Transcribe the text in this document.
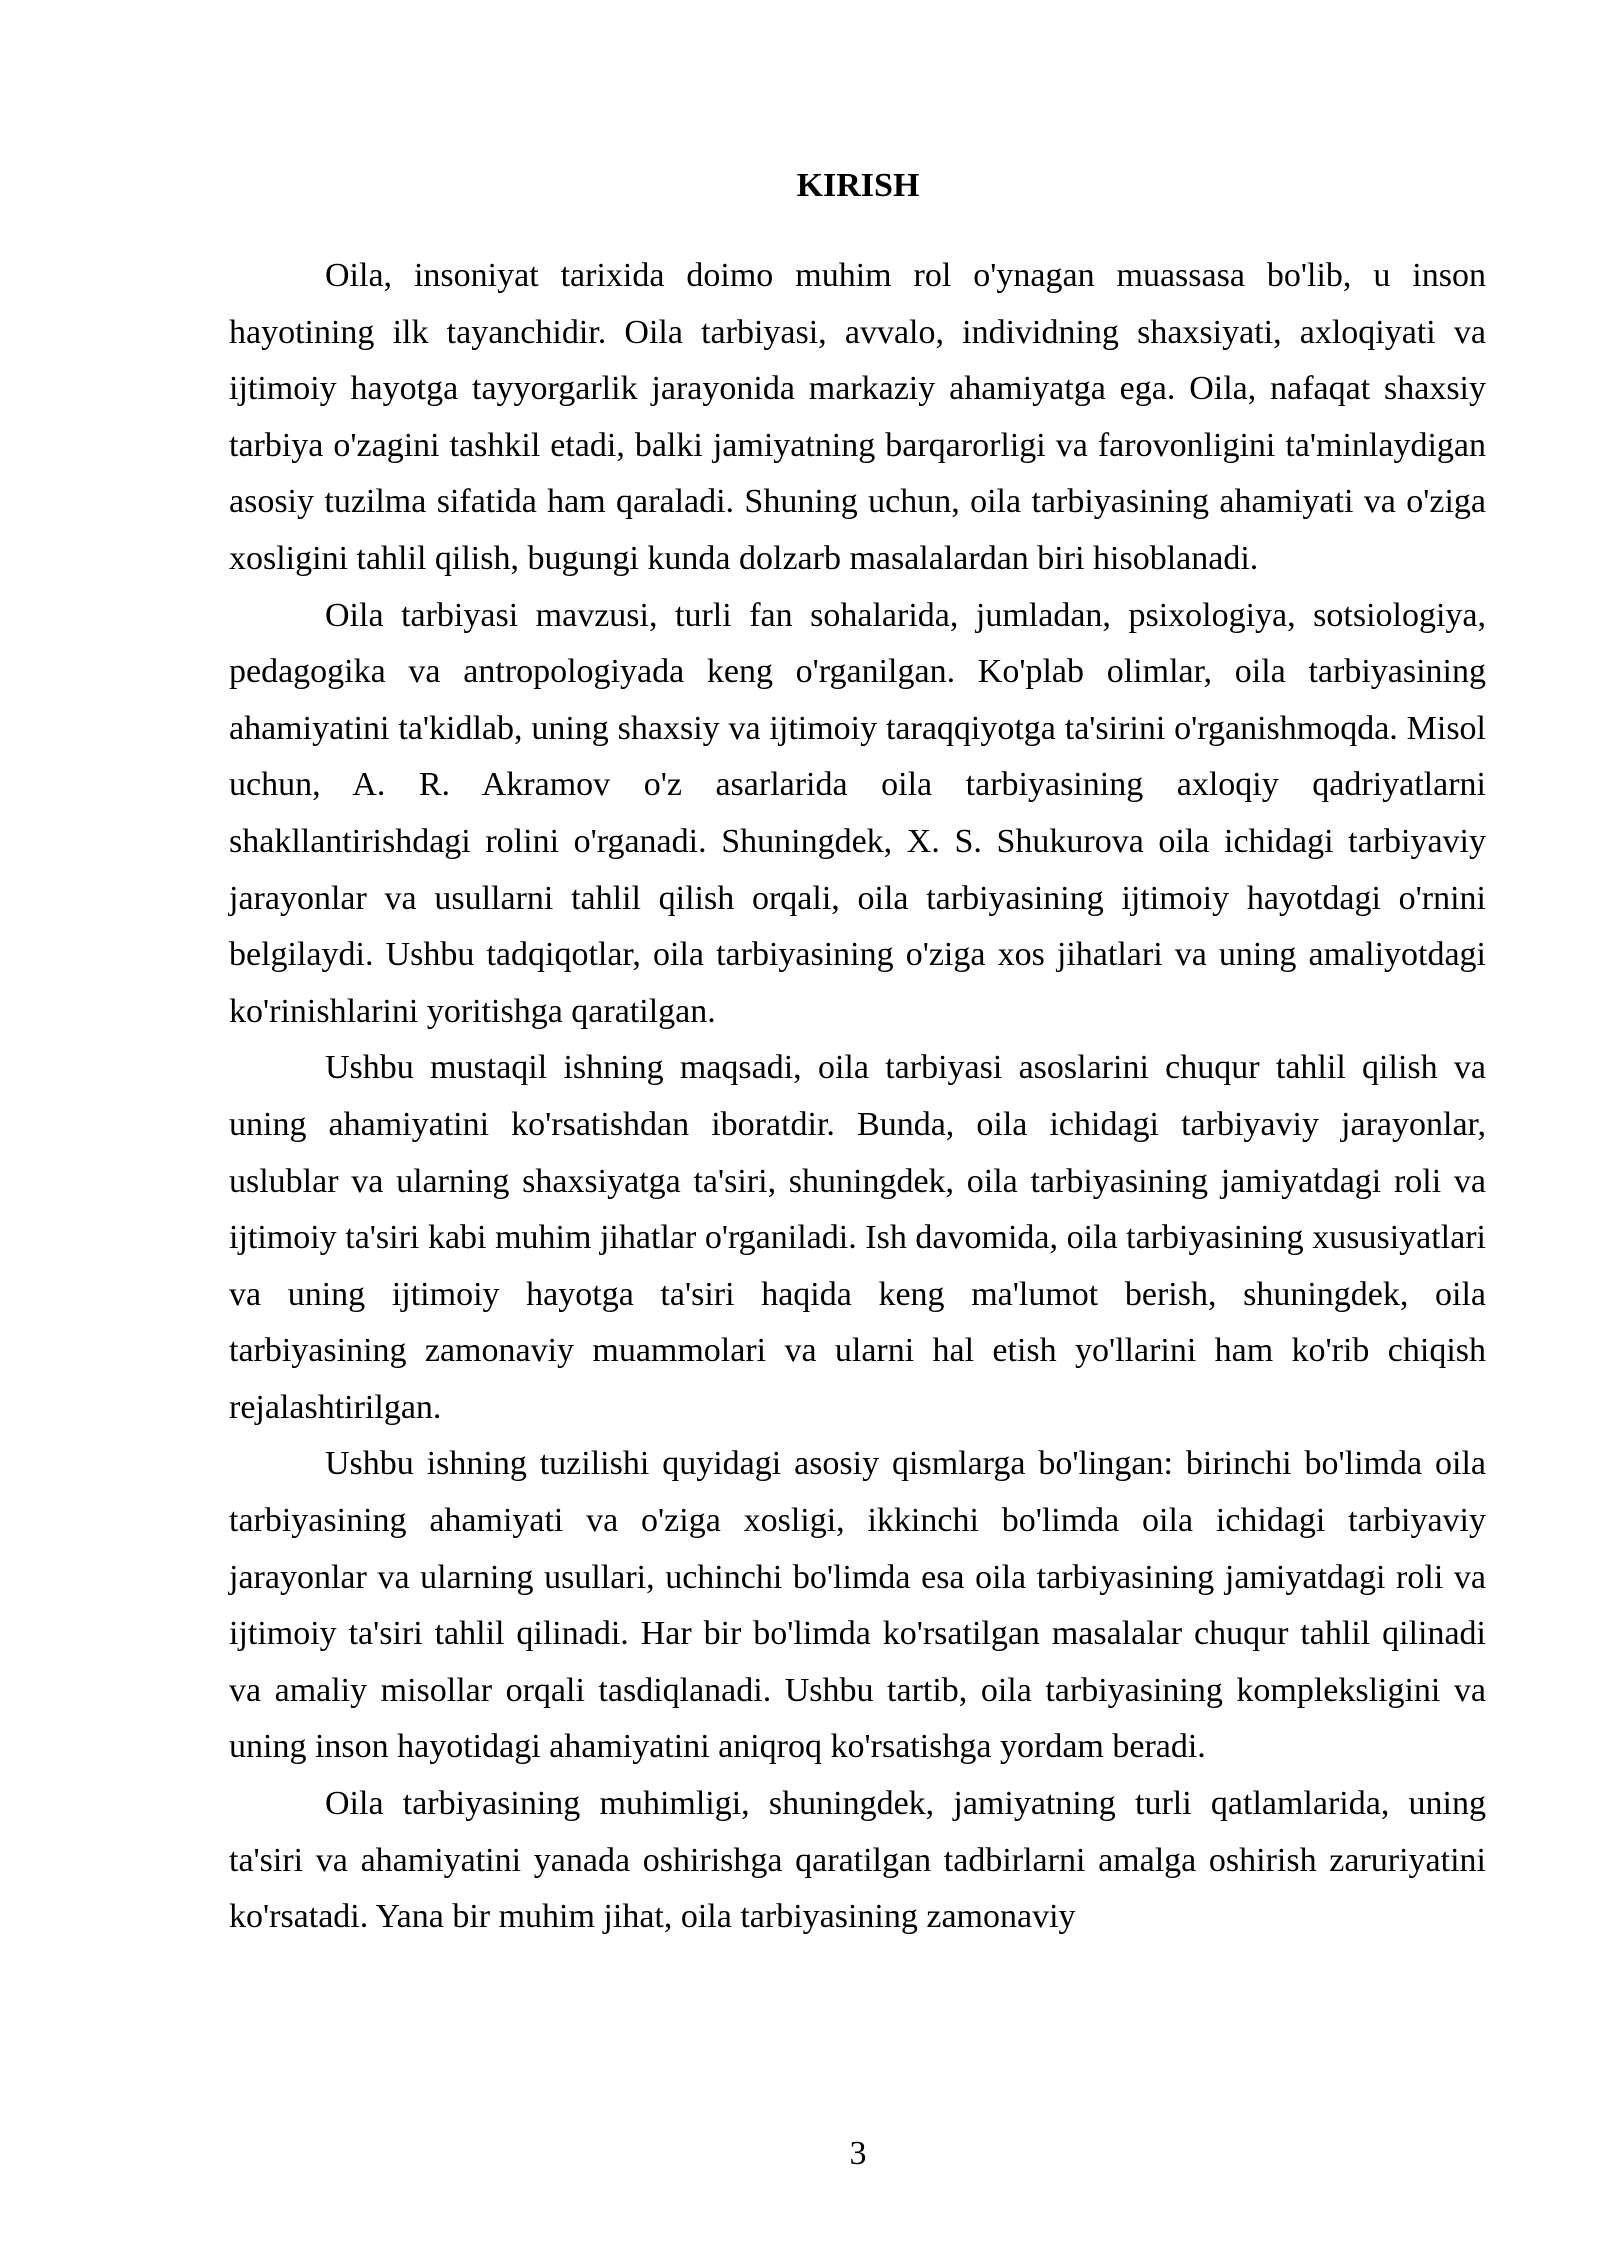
KIRISH

Oila, insoniyat tarixida doimo muhim rol o'ynagan muassasa bo'lib, u inson hayotining ilk tayanchidir. Oila tarbiyasi, avvalo, individning shaxsiyati, axloqiyati va ijtimoiy hayotga tayyorgarlik jarayonida markaziy ahamiyatga ega. Oila, nafaqat shaxsiy tarbiya o'zagini tashkil etadi, balki jamiyatning barqarorligi va farovonligini ta'minlaydigan asosiy tuzilma sifatida ham qaraladi. Shuning uchun, oila tarbiyasining ahamiyati va o'ziga xosligini tahlil qilish, bugungi kunda dolzarb masalalardan biri hisoblanadi.

Oila tarbiyasi mavzusi, turli fan sohalarida, jumladan, psixologiya, sotsiologiya, pedagogika va antropologiyada keng o'rganilgan. Ko'plab olimlar, oila tarbiyasining ahamiyatini ta'kidlab, uning shaxsiy va ijtimoiy taraqqiyotga ta'sirini o'rganishmoqda. Misol uchun, A. R. Akramov o'z asarlarida oila tarbiyasining axloqiy qadriyatlarni shakllantirishdagi rolini o'rganadi. Shuningdek, X. S. Shukurova oila ichidagi tarbiyaviy jarayonlar va usullarni tahlil qilish orqali, oila tarbiyasining ijtimoiy hayotdagi o'rnini belgilaydi. Ushbu tadqiqotlar, oila tarbiyasining o'ziga xos jihatlari va uning amaliyotdagi ko'rinishlarini yoritishga qaratilgan.

Ushbu mustaqil ishning maqsadi, oila tarbiyasi asoslarini chuqur tahlil qilish va uning ahamiyatini ko'rsatishdan iboratdir. Bunda, oila ichidagi tarbiyaviy jarayonlar, uslublar va ularning shaxsiyatga ta'siri, shuningdek, oila tarbiyasining jamiyatdagi roli va ijtimoiy ta'siri kabi muhim jihatlar o'rganiladi. Ish davomida, oila tarbiyasining xususiyatlari va uning ijtimoiy hayotga ta'siri haqida keng ma'lumot berish, shuningdek, oila tarbiyasining zamonaviy muammolari va ularni hal etish yo'llarini ham ko'rib chiqish rejalashtirilgan.

Ushbu ishning tuzilishi quyidagi asosiy qismlarga bo'lingan: birinchi bo'limda oila tarbiyasining ahamiyati va o'ziga xosligi, ikkinchi bo'limda oila ichidagi tarbiyaviy jarayonlar va ularning usullari, uchinchi bo'limda esa oila tarbiyasining jamiyatdagi roli va ijtimoiy ta'siri tahlil qilinadi. Har bir bo'limda ko'rsatilgan masalalar chuqur tahlil qilinadi va amaliy misollar orqali tasdiqlanadi. Ushbu tartib, oila tarbiyasining kompleksligini va uning inson hayotidagi ahamiyatini aniqroq ko'rsatishga yordam beradi.

Oila tarbiyasining muhimligi, shuningdek, jamiyatning turli qatlamlarida, uning ta'siri va ahamiyatini yanada oshirishga qaratilgan tadbirlarni amalga oshirish zaruriyatini ko'rsatadi. Yana bir muhim jihat, oila tarbiyasining zamonaviy

3
